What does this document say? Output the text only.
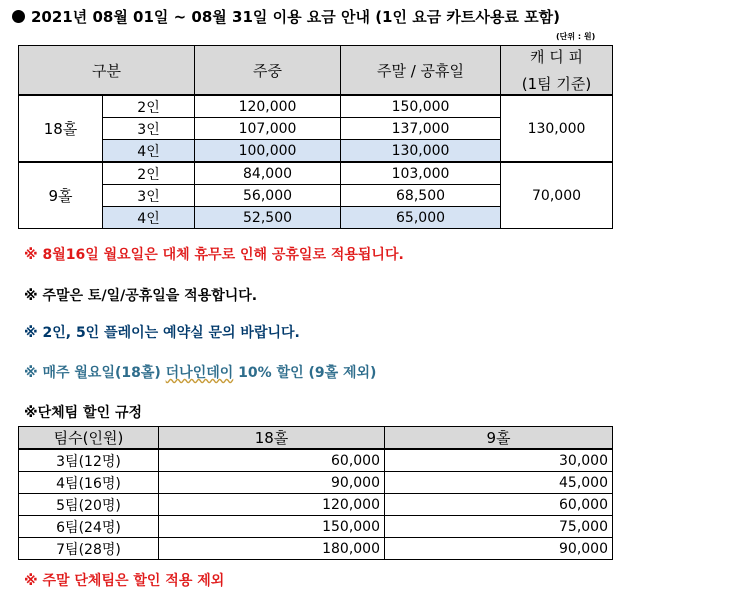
2021년 08월 01일 ~ 08월 31일 이용 요금 안내 (1인 요금 카트사용료 포함)
(단위 : 원)
구분		주중	주말 / 공휴일	캐 디 피
(1팀 기준)

18홀	2인	120,000	150,000	130,000
	3인	107,000	137,000	
	4인	100,000	130,000	
9홀	2인	84,000	103,000	70,000
	3인	56,000	68,500	
	4인	52,500	65,000	
※ 8월16일 월요일은 대체 휴무로 인해 공휴일로 적용됩니다.
※ 주말은 토/일/공휴일을 적용합니다.
※ 2인, 5인 플레이는 예약실 문의 바랍니다.
※ 매주 월요일(18홀) 더나인데이 10% 할인 (9홀 제외)
※단체팀 할인 규정
팀수(인원)	18홀	9홀
3팀(12명)	60,000	30,000
4팀(16명)	90,000	45,000
5팀(20명)	120,000	60,000
6팀(24명)	150,000	75,000
7팀(28명)	180,000	90,000
※ 주말 단체팀은 할인 적용 제외
